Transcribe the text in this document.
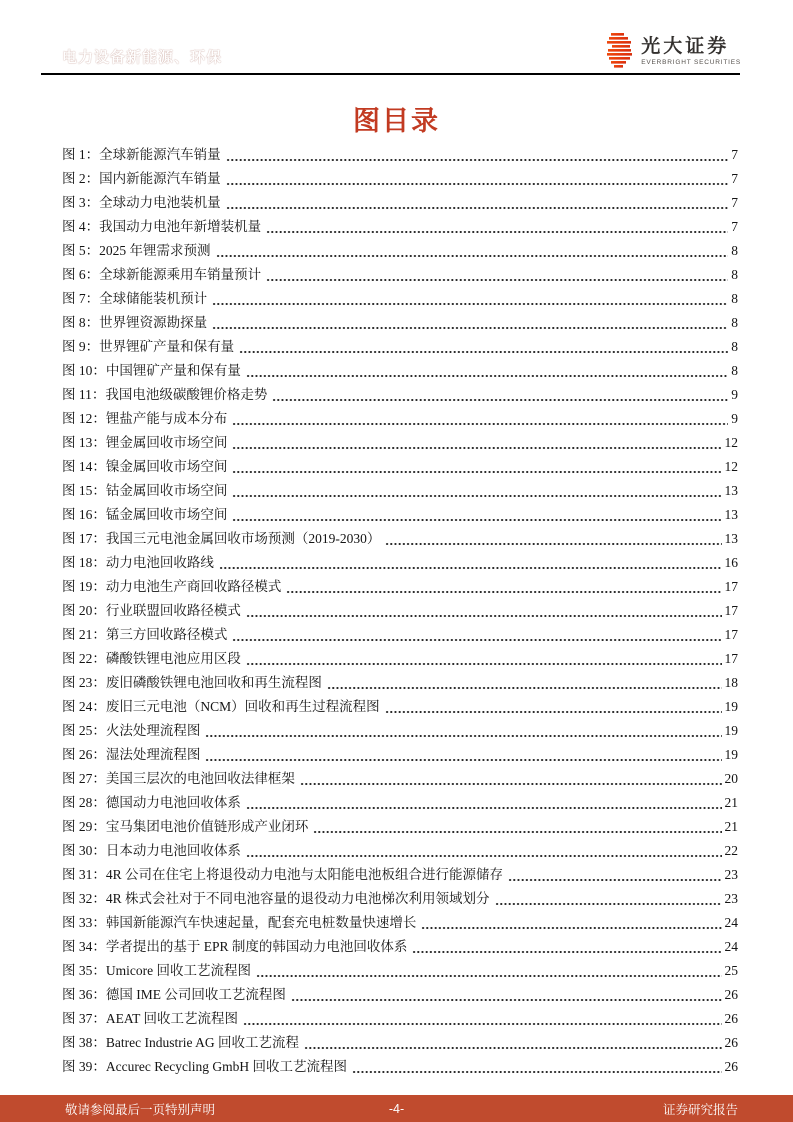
电力设备新能源、环保
光大证券
EVERBRIGHT SECURITIES
图目录
图 1：全球新能源汽车销量	7
图 2：国内新能源汽车销量	7
图 3：全球动力电池装机量	7
图 4：我国动力电池年新增装机量	7
图 5：2025 年锂需求预测	8
图 6：全球新能源乘用车销量预计	8
图 7：全球储能装机预计	8
图 8：世界锂资源勘探量	8
图 9：世界锂矿产量和保有量	8
图 10：中国锂矿产量和保有量	8
图 11：我国电池级碳酸锂价格走势	9
图 12：锂盐产能与成本分布	9
图 13：锂金属回收市场空间	12
图 14：镍金属回收市场空间	12
图 15：钴金属回收市场空间	13
图 16：锰金属回收市场空间	13
图 17：我国三元电池金属回收市场预测（2019-2030）	13
图 18：动力电池回收路线	16
图 19：动力电池生产商回收路径模式	17
图 20：行业联盟回收路径模式	17
图 21：第三方回收路径模式	17
图 22：磷酸铁锂电池应用区段	17
图 23：废旧磷酸铁锂电池回收和再生流程图	18
图 24：废旧三元电池（NCM）回收和再生过程流程图	19
图 25：火法处理流程图	19
图 26：湿法处理流程图	19
图 27：美国三层次的电池回收法律框架	20
图 28：德国动力电池回收体系	21
图 29：宝马集团电池价值链形成产业闭环	21
图 30：日本动力电池回收体系	22
图 31：4R 公司在住宅上将退役动力电池与太阳能电池板组合进行能源储存	23
图 32：4R 株式会社对于不同电池容量的退役动力电池梯次利用领域划分	23
图 33：韩国新能源汽车快速起量，配套充电桩数量快速增长	24
图 34：学者提出的基于 EPR 制度的韩国动力电池回收体系	24
图 35：Umicore 回收工艺流程图	25
图 36：德国 IME 公司回收工艺流程图	26
图 37：AEAT 回收工艺流程图	26
图 38：Batrec Industrie AG 回收工艺流程	26
图 39：Accurec Recycling GmbH 回收工艺流程图	26
敬请参阅最后一页特别声明	-4-	证券研究报告
